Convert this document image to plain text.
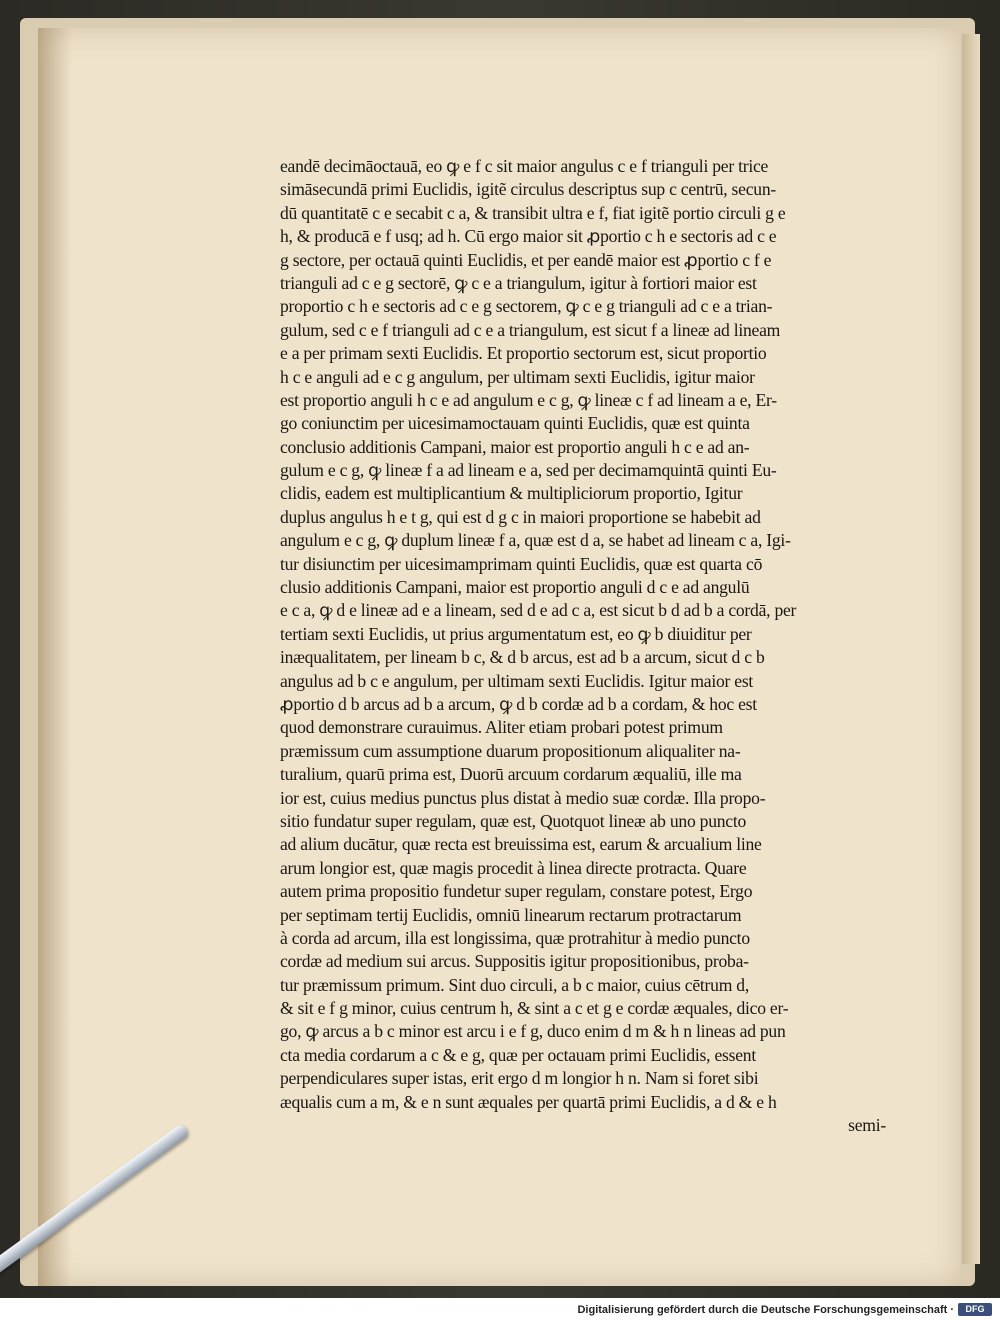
eandē decimāoctauā, eo ꝙ e f c sit maior angulus c e f trianguli per trice
simāsecundā primi Euclidis, igitẽ circulus descriptus sup c centrū, secun-
dū quantitatē c e secabit c a, & transibit ultra e f, fiat igitẽ portio circuli g e
h, & producā e f usq; ad h. Cū ergo maior sit ꝓportio c h e sectoris ad c e
g sectore, per octauā quinti Euclidis, et per eandē maior est ꝓportio c f e
trianguli ad c e g sectorē, ꝙ c e a triangulum, igitur à fortiori maior est
proportio c h e sectoris ad c e g sectorem, ꝙ c e g trianguli ad c e a trian-
gulum, sed c e f trianguli ad c e a triangulum, est sicut f a lineæ ad lineam
e a per primam sexti Euclidis. Et proportio sectorum est, sicut proportio
h c e anguli ad e c g angulum, per ultimam sexti Euclidis, igitur maior
est proportio anguli h c e ad angulum e c g, ꝙ lineæ c f ad lineam a e, Er-
go coniunctim per uicesimamoctauam quinti Euclidis, quæ est quinta
conclusio additionis Campani, maior est proportio anguli h c e ad an-
gulum e c g, ꝙ lineæ f a ad lineam e a, sed per decimamquintā quinti Eu-
clidis, eadem est multiplicantium & multipliciorum proportio, Igitur
duplus angulus h e t g, qui est d g c in maiori proportione se habebit ad
angulum e c g, ꝙ duplum lineæ f a, quæ est d a, se habet ad lineam c a, Igi-
tur disiunctim per uicesimamprimam quinti Euclidis, quæ est quarta cō
clusio additionis Campani, maior est proportio anguli d c e ad angulū
e c a, ꝙ d e lineæ ad e a lineam, sed d e ad c a, est sicut b d ad b a cordā, per
tertiam sexti Euclidis, ut prius argumentatum est, eo ꝙ b diuiditur per
inæqualitatem, per lineam b c, & d b arcus, est ad b a arcum, sicut d c b
angulus ad b c e angulum, per ultimam sexti Euclidis. Igitur maior est
ꝓportio d b arcus ad b a arcum, ꝙ d b cordæ ad b a cordam, & hoc est
quod demonstrare curauimus. Aliter etiam probari potest primum
præmissum cum assumptione duarum propositionum aliqualiter na-
turalium, quarū prima est, Duorū arcuum cordarum æqualiū, ille ma
ior est, cuius medius punctus plus distat à medio suæ cordæ. Illa propo-
sitio fundatur super regulam, quæ est, Quotquot lineæ ab uno puncto
ad alium ducātur, quæ recta est breuissima est, earum & arcualium line
arum longior est, quæ magis procedit à linea directe protracta. Quare
autem prima propositio fundetur super regulam, constare potest, Ergo
per septimam tertij Euclidis, omniū linearum rectarum protractarum
à corda ad arcum, illa est longissima, quæ protrahitur à medio puncto
cordæ ad medium sui arcus. Suppositis igitur propositionibus, proba-
tur præmissum primum. Sint duo circuli, a b c maior, cuius cētrum d,
& sit e f g minor, cuius centrum h, & sint a c et g e cordæ æquales, dico er-
go, ꝙ arcus a b c minor est arcu i e f g, duco enim d m & h n lineas ad pun
cta media cordarum a c & e g, quæ per octauam primi Euclidis, essent
perpendiculares super istas, erit ergo d m longior h n. Nam si foret sibi
æqualis cum a m, & e n sunt æquales per quartā primi Euclidis, a d & e h
semi-
Digitalisierung gefördert durch die Deutsche Forschungsgemeinschaft ·	DFG
